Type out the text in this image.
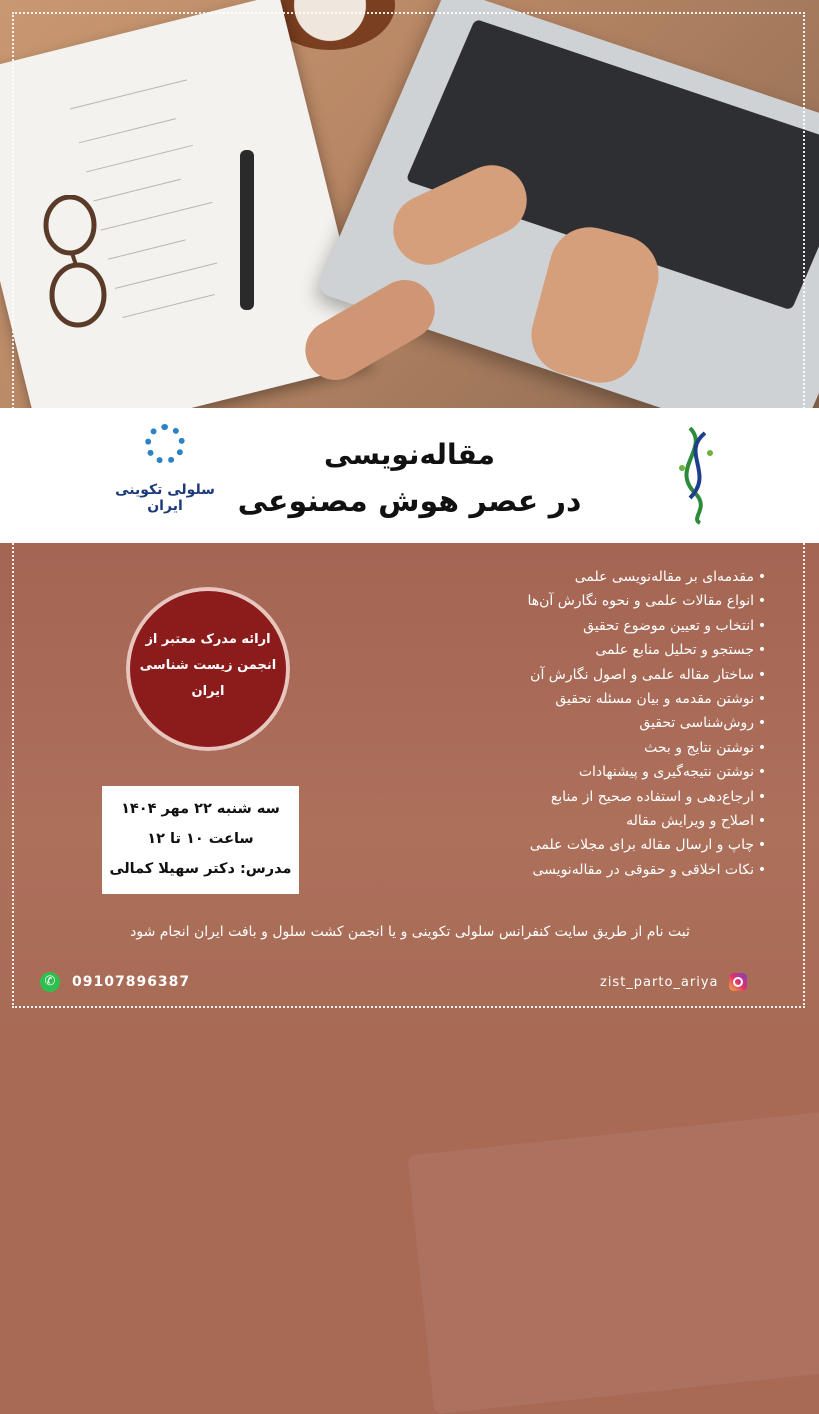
سلولی تکوینی ایران
مقاله‌نویسی
در عصر هوش مصنوعی
•مقدمه‌ای بر مقاله‌نویسی علمی
•انواع مقالات علمی و نحوه نگارش آن‌ها
•انتخاب و تعیین موضوع تحقیق
•جستجو و تحلیل منابع علمی
•ساختار مقاله علمی و اصول نگارش آن
•نوشتن مقدمه و بیان مسئله تحقیق
•روش‌شناسی تحقیق
•نوشتن نتایج و بحث
•نوشتن نتیجه‌گیری و پیشنهادات
•ارجاع‌دهی و استفاده صحیح از منابع
•اصلاح و ویرایش مقاله
•چاپ و ارسال مقاله برای مجلات علمی
•نکات اخلاقی و حقوقی در مقاله‌نویسی
ارائه مدرک معتبر از
انجمن زیست شناسی ایران
سه شنبه ۲۲ مهر ۱۴۰۴
ساعت ۱۰ تا ۱۲
مدرس: دکتر سهیلا کمالی
ثبت نام از طریق سایت کنفرانس سلولی تکوینی و یا انجمن کشت سلول و بافت ایران انجام شود
✆	09107896387	zist_parto_ariya
